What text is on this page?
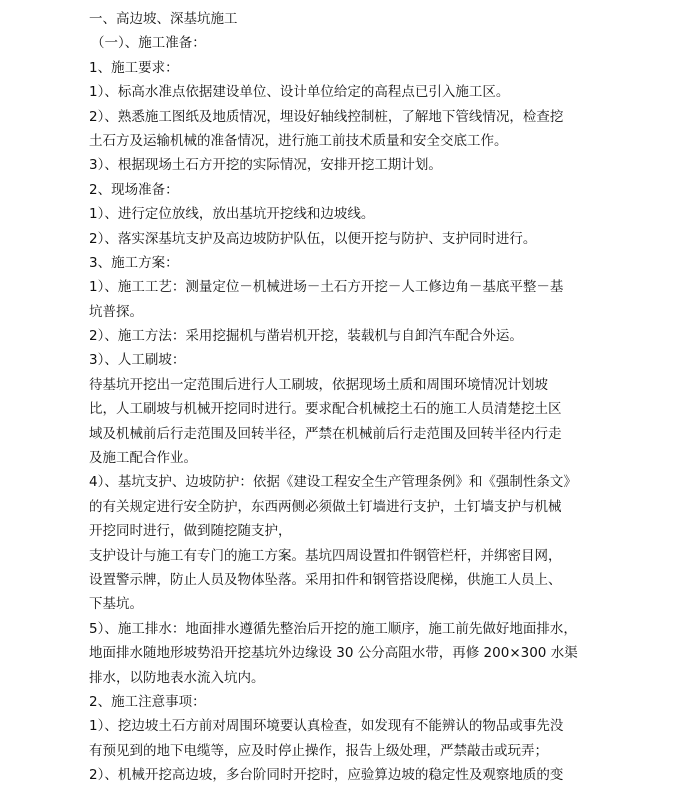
一、高边坡、深基坑施工
（一）、施工准备：
1、施工要求：
1）、标高水准点依据建设单位、设计单位给定的高程点已引入施工区。
2）、熟悉施工图纸及地质情况，埋设好轴线控制桩，了解地下管线情况，检查挖
土石方及运输机械的准备情况，进行施工前技术质量和安全交底工作。
3）、根据现场土石方开挖的实际情况，安排开挖工期计划。
2、现场准备：
1）、进行定位放线，放出基坑开挖线和边坡线。
2）、落实深基坑支护及高边坡防护队伍，以便开挖与防护、支护同时进行。
3、施工方案：
1）、施工工艺：测量定位－机械进场－土石方开挖－人工修边角－基底平整－基
坑普探。
2）、施工方法：采用挖掘机与凿岩机开挖，装载机与自卸汽车配合外运。
3）、人工刷坡：
待基坑开挖出一定范围后进行人工刷坡，依据现场土质和周围环境情况计划坡
比，人工刷坡与机械开挖同时进行。要求配合机械挖土石的施工人员清楚挖土区
域及机械前后行走范围及回转半径，严禁在机械前后行走范围及回转半径内行走
及施工配合作业。
4）、基坑支护、边坡防护：依据《建设工程安全生产管理条例》和《强制性条文》
的有关规定进行安全防护，东西两侧必须做土钉墙进行支护，土钉墙支护与机械
开挖同时进行，做到随挖随支护，
支护设计与施工有专门的施工方案。基坑四周设置扣件钢管栏杆，并绑密目网，
设置警示牌，防止人员及物体坠落。采用扣件和钢管搭设爬梯，供施工人员上、
下基坑。
5）、施工排水：地面排水遵循先整治后开挖的施工顺序，施工前先做好地面排水，
地面排水随地形坡势沿开挖基坑外边缘设 30 公分高阻水带，再修 200×300 水渠
排水，以防地表水流入坑内。
2、施工注意事项：
1）、挖边坡土石方前对周围环境要认真检查，如发现有不能辨认的物品或事先没
有预见到的地下电缆等，应及时停止操作，报告上级处理，严禁敲击或玩弄；
2）、机械开挖高边坡，多台阶同时开挖时，应验算边坡的稳定性及观察地质的变
